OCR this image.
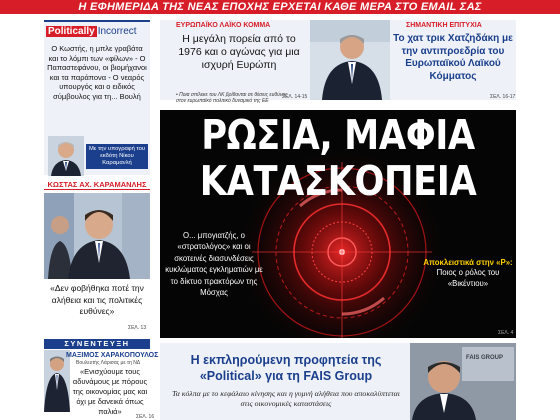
Η ΕΦΗΜΕΡΙΔΑ ΤΗΣ ΝΕΑΣ ΕΠΟΧΗΣ ΕΡΧΕΤΑΙ ΚΑΘΕ ΜΕΡΑ ΣΤΟ EMAIL ΣΑΣ
Politically Incorrect
Ο Κωστής, η μπλε γραβάτα και το λόμπι των «φίλων» - Ο Παπαστεφάνου, οι βιομήχανοι και τα παράπονα - Ο νεαρός υπουργός και ο ειδικός σύμβουλος για τη... Βουλή
Με την υπογραφή του εκδότη Νίκου Καραμανλή
ΚΩΣΤΑΣ ΑΧ. ΚΑΡΑΜΑΝΛΗΣ
«Δεν φοβήθηκα ποτέ την αλήθεια και τις πολιτικές ευθύνες»
ΣΕΛ. 13
ΣΥΝΕΝΤΕΥΞΗ
ΜΑΞΙΜΟΣ ΧΑΡΑΚΟΠΟΥΛΟΣ
Βουλευτής Λάρισας με τη ΝΔ
«Ενισχύουμε τους αδυνάμους με πόρους της οικονομίας μας και όχι με δανεικά όπως παλιά»
ΣΕΛ. 16
ΕΥΡΩΠΑΪΚΟ ΛΑΪΚΟ ΚΟΜΜΑ
Η μεγάλη πορεία από το 1976 και ο αγώνας για μια ισχυρή Ευρώπη
• Ποια σπίλεκε του ΛΚ βρίθονται σε θέσεις ευθύνης στον ευρωπαϊκό πολιτικό δυναμικό της ΕΕ
ΣΕΛ. 14-15
ΣΗΜΑΝΤΙΚΗ ΕΠΙΤΥΧΙΑ
Το χατ τρικ Χατζηδάκη με την αντιπροεδρία του Ευρωπαϊκού Λαϊκού Κόμματος
ΣΕΛ. 16-17
ΡΩΣΙΑ, ΜΑΦΙΑ
ΚΑΤΑΣΚΟΠΕΙΑ
Ο... μπογιατζής, ο «στρατολόγος» και οι σκοτεινές διασυνδέσεις κυκλώματος εγκληματιών με το δίκτυο πρακτόρων της Μόσχας
Αποκλειστικά στην «Ρ»:
Ποιος ο ρόλος του «Βικέντιου»
ΣΕΛ. 4
Η εκπληρούμενη προφητεία της «Political» για τη FAIS Group
Τα κόλπα με το κεφάλαιο κίνησης και η γυμνή αλήθεια που αποκαλύπτεται στις οικονομικές καταστάσεις
FAIS GROUP
